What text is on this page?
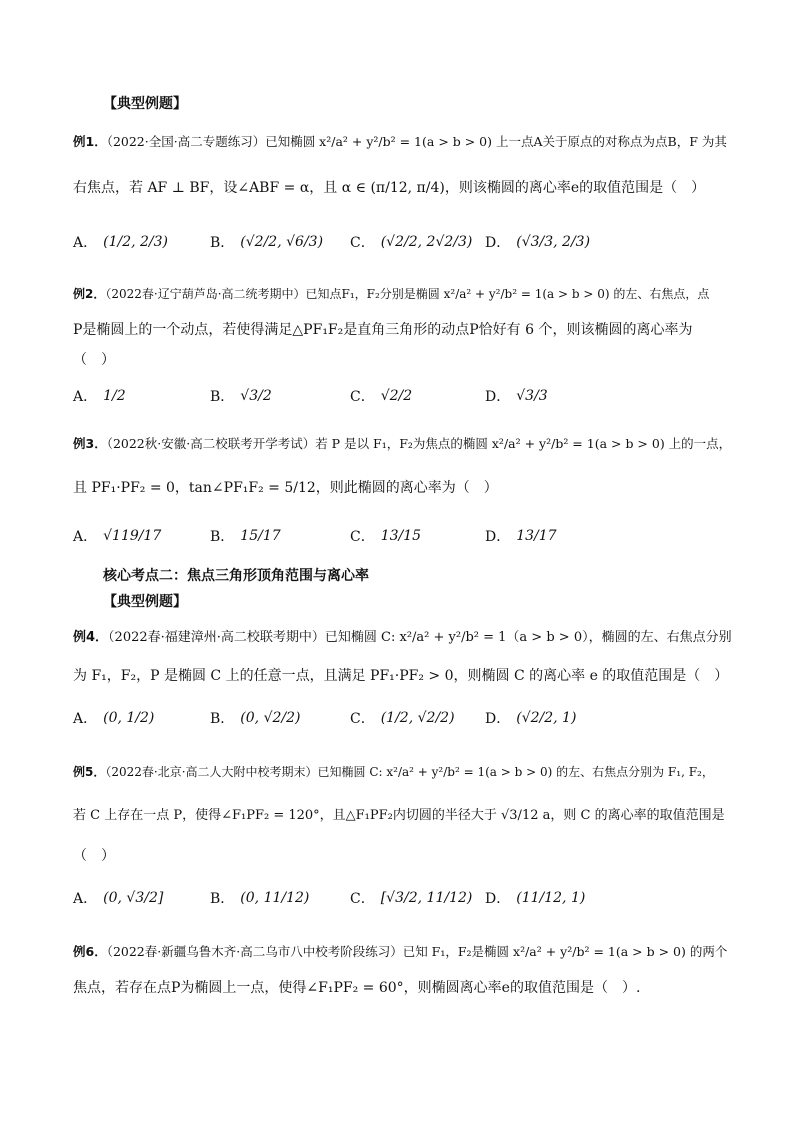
【典型例题】
例1．（2022·全国·高二专题练习）已知椭圆 x²/a² + y²/b² = 1(a > b > 0) 上一点A关于原点的对称点为点B，F 为其
右焦点，若 AF ⊥ BF，设∠ABF = α，且 α ∈ (π/12, π/4)，则该椭圆的离心率e的取值范围是（　）
A． (1/2, 2/3)	B． (√2/2, √6/3) C． (√2/2, 2√2/3) D． (√3/3, 2/3)
例2．（2022春·辽宁葫芦岛·高二统考期中）已知点F₁，F₂分别是椭圆 x²/a² + y²/b² = 1(a > b > 0) 的左、右焦点，点
P是椭圆上的一个动点，若使得满足△PF₁F₂是直角三角形的动点P恰好有 6 个，则该椭圆的离心率为
（　）
A． 1/2	B． √3/2	C． √2/2	D． √3/3
例3．（2022秋·安徽·高二校联考开学考试）若 P 是以 F₁，F₂为焦点的椭圆 x²/a² + y²/b² = 1(a > b > 0) 上的一点，
且 PF₁·PF₂ = 0，tan∠PF₁F₂ = 5/12，则此椭圆的离心率为（　）
A． √119/17	B． 15/17	C． 13/15	D． 13/17
核心考点二：焦点三角形顶角范围与离心率
【典型例题】
例4．（2022春·福建漳州·高二校联考期中）已知椭圆 C: x²/a² + y²/b² = 1（a > b > 0），椭圆的左、右焦点分别
为 F₁，F₂，P 是椭圆 C 上的任意一点，且满足 PF₁·PF₂ > 0，则椭圆 C 的离心率 e 的取值范围是（　）
A． (0, 1/2)	B． (0, √2/2)	C． (1/2, √2/2) D． (√2/2, 1)
例5．（2022春·北京·高二人大附中校考期末）已知椭圆 C: x²/a² + y²/b² = 1(a > b > 0) 的左、右焦点分别为 F₁, F₂，
若 C 上存在一点 P，使得∠F₁PF₂ = 120°，且△F₁PF₂内切圆的半径大于 √3/12 a，则 C 的离心率的取值范围是
（　）
A． (0, √3/2]	B． (0, 11/12)	C． [√3/2, 11/12) D． (11/12, 1)
例6．（2022春·新疆乌鲁木齐·高二乌市八中校考阶段练习）已知 F₁，F₂是椭圆 x²/a² + y²/b² = 1(a > b > 0) 的两个
焦点，若存在点P为椭圆上一点，使得∠F₁PF₂ = 60°，则椭圆离心率e的取值范围是（　）.
